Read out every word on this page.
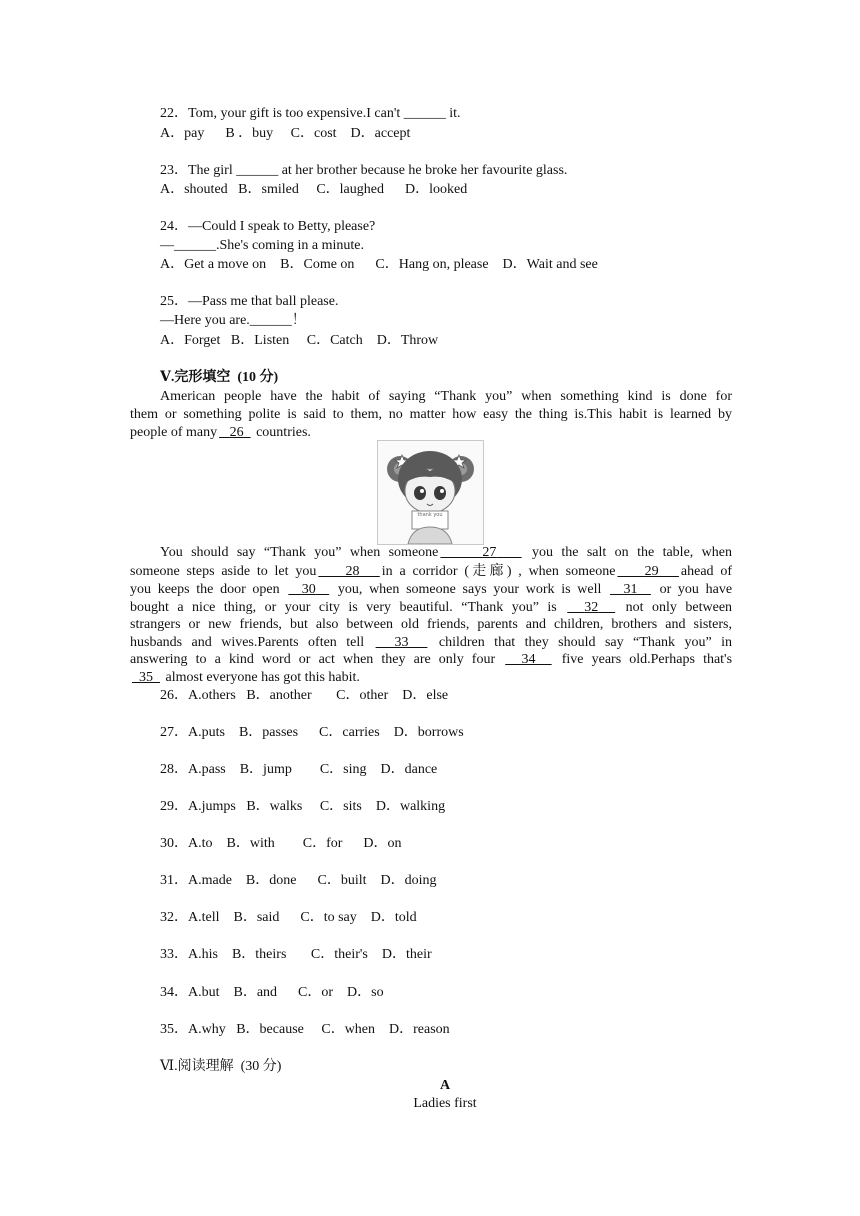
22．Tom, your gift is too expensive.I can't ______ it.
A．pay      B ．buy     C．cost    D．accept
23．The girl ______ at her brother because he broke her favourite glass.
A．shouted   B．smiled     C．laughed      D．looked
24．—Could I speak to Betty, please?
—______.She's coming in a minute.
A．Get a move on    B．Come on      C．Hang on, please    D．Wait and see
25．—Pass me that ball please.
—Here you are.______！
A．Forget   B．Listen     C．Catch    D．Throw
Ⅴ.完形填空  (10 分)
American people have the habit of saying “Thank you” when something kind is done for
them or something polite is said to them, no matter how easy the thing is.This habit is learned by
people of many 26 countries.
thank you
You should say “Thank you” when someone	27	you the salt on the table, when
someone steps aside to let you 28 in a corridor (走廊) , when someone 29 ahead of
you keeps the door open 30 you, when someone says your work is well 31 or you have
bought a nice thing, or your city is very beautiful. “Thank you” is 32 not only between
strangers or new friends, but also between old friends, parents and children, brothers and sisters,
husbands and wives.Parents often tell 33 children that they should say “Thank you” in
answering to a kind word or act when they are only four 34 five years old.Perhaps that's
35 almost everyone has got this habit.
26．A.others   B．another       C．other    D．else
27．A.puts    B．passes      C．carries    D．borrows
28．A.pass    B．jump        C．sing    D．dance
29．A.jumps   B．walks     C．sits    D．walking
30．A.to    B．with        C．for      D．on
31．A.made    B．done      C．built    D．doing
32．A.tell    B．said      C．to say    D．told
33．A.his    B．theirs       C．their's    D．their
34．A.but    B．and      C．or    D．so
35．A.why   B．because     C．when    D．reason
Ⅵ.阅读理解  (30 分)
A
Ladies first
